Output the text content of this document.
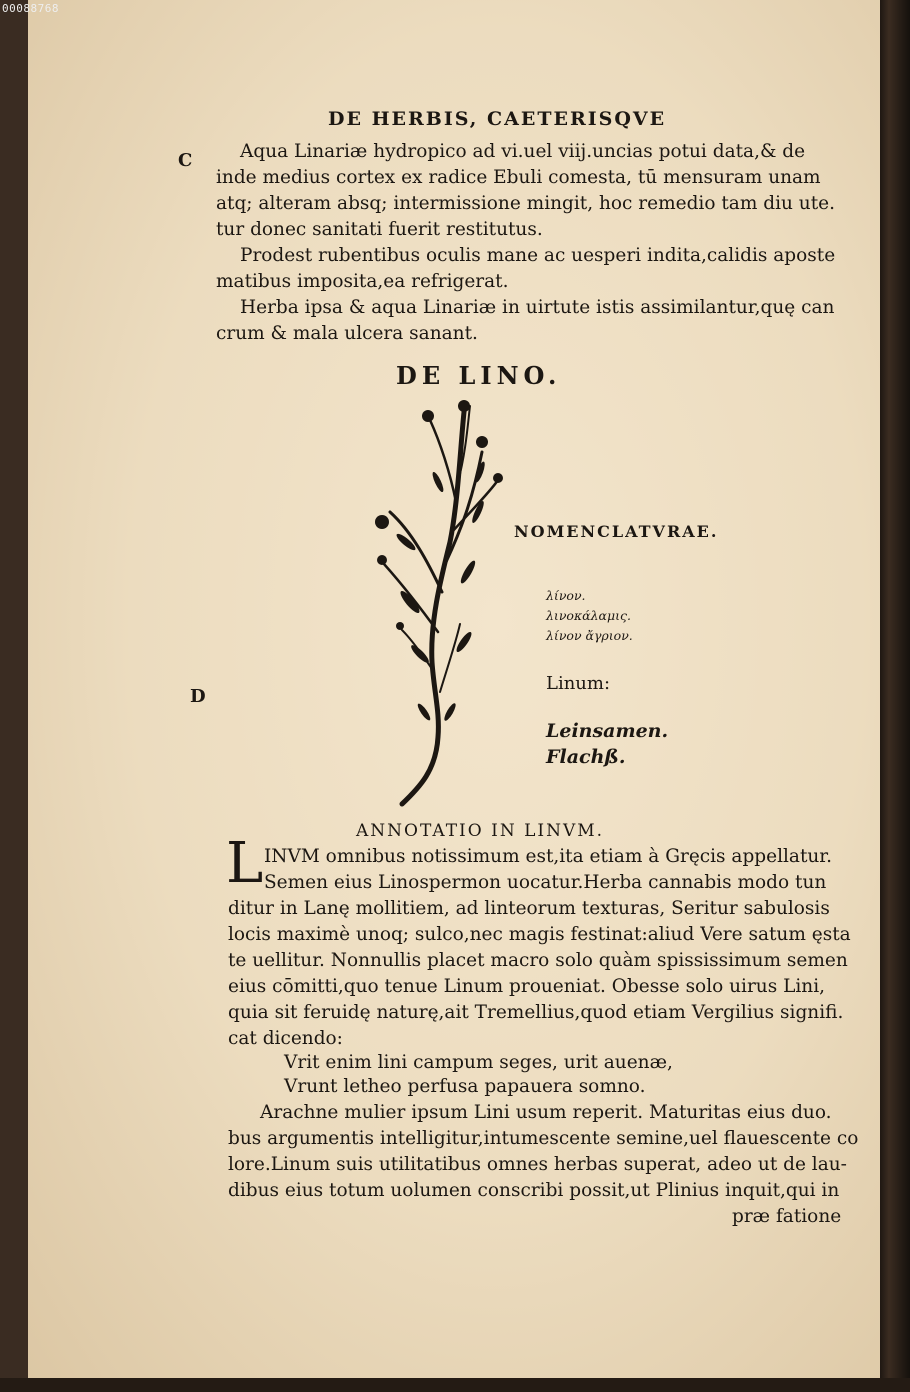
00088768
DE HERBIS, CAETERISQVE
C
D
Aqua Linariæ hydropico ad vi.uel viij.uncias potui data,& de
inde medius cortex ex radice Ebuli comesta, tū mensuram unam
atq; alteram absq; intermissione mingit, hoc remedio tam diu ute.
tur donec sanitati fuerit restitutus.
Prodest rubentibus oculis mane ac uesperi indita,calidis aposte
matibus imposita,ea refrigerat.
Herba ipsa & aqua Linariæ in uirtute istis assimilantur,quę can
crum & mala ulcera sanant.
DE LINO.
NOMENCLATVRAE.
λίνον.
λινοκάλαμις.
λίνον ἄγριον.
Linum:
Leinsamen.
Flachß.
ANNOTATIO IN LINVM.
L INVM omnibus notissimum est,ita etiam à Gręcis appellatur.
Semen eius Linospermon uocatur.Herba cannabis modo tun
ditur in Lanę mollitiem, ad linteorum texturas, Seritur sabulosis
locis maximè unoq; sulco,nec magis festinat:aliud Vere satum ęsta
te uellitur. Nonnullis placet macro solo quàm spississimum semen
eius cōmitti,quo tenue Linum proueniat. Obesse solo uirus Lini,
quia sit feruidę naturę,ait Tremellius,quod etiam Vergilius signifi.
cat dicendo:
Vrit enim lini campum seges, urit auenæ,
Vrunt letheo perfusa papauera somno.
Arachne mulier ipsum Lini usum reperit. Maturitas eius duo.
bus argumentis intelligitur,intumescente semine,uel flauescente co
lore.Linum suis utilitatibus omnes herbas superat, adeo ut de lau-
dibus eius totum uolumen conscribi possit,ut Plinius inquit,qui in
præ fatione
